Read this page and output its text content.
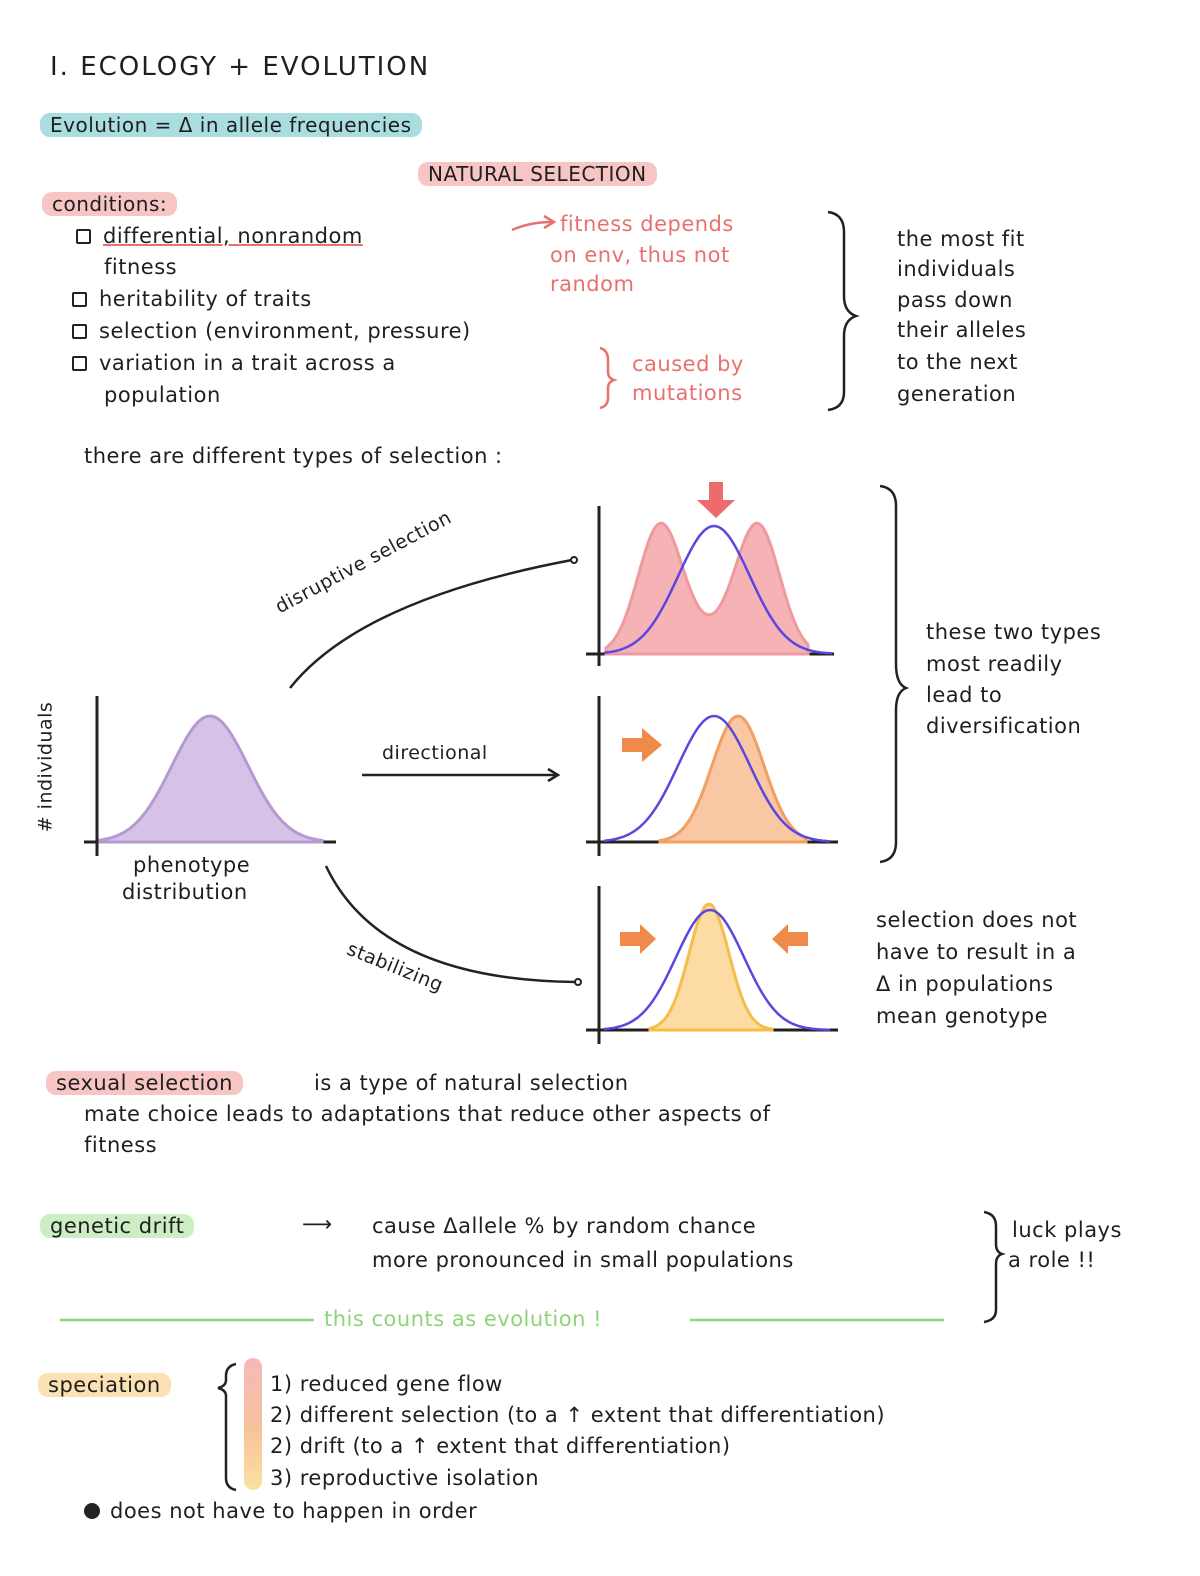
I. ECOLOGY + EVOLUTION
Evolution = Δ in allele frequencies
NATURAL SELECTION
conditions:
differential, nonrandom
fitness
heritability of traits
selection (environment, pressure)
variation in a trait across a
population
fitness depends
on env, thus not
random
caused by
mutations
the most fit
individuals
pass down
their alleles
to the next
generation
there are different types of selection :
# individuals
phenotype
distribution
disruptive selection
directional
stabilizing
these two types
most readily
lead to
diversification
selection does not
have to result in a
Δ in populations
mean genotype
sexual selection	is a type of natural selection
mate choice leads to adaptations that reduce other aspects of
fitness
genetic drift	⟶ cause Δallele % by random chance
more pronounced in small populations
luck plays
a role !!
this counts as evolution !
speciation	1) reduced gene flow
2) different selection (to a ↑ extent that differentiation)
2) drift (to a ↑ extent that differentiation)
3) reproductive isolation
does not have to happen in order
